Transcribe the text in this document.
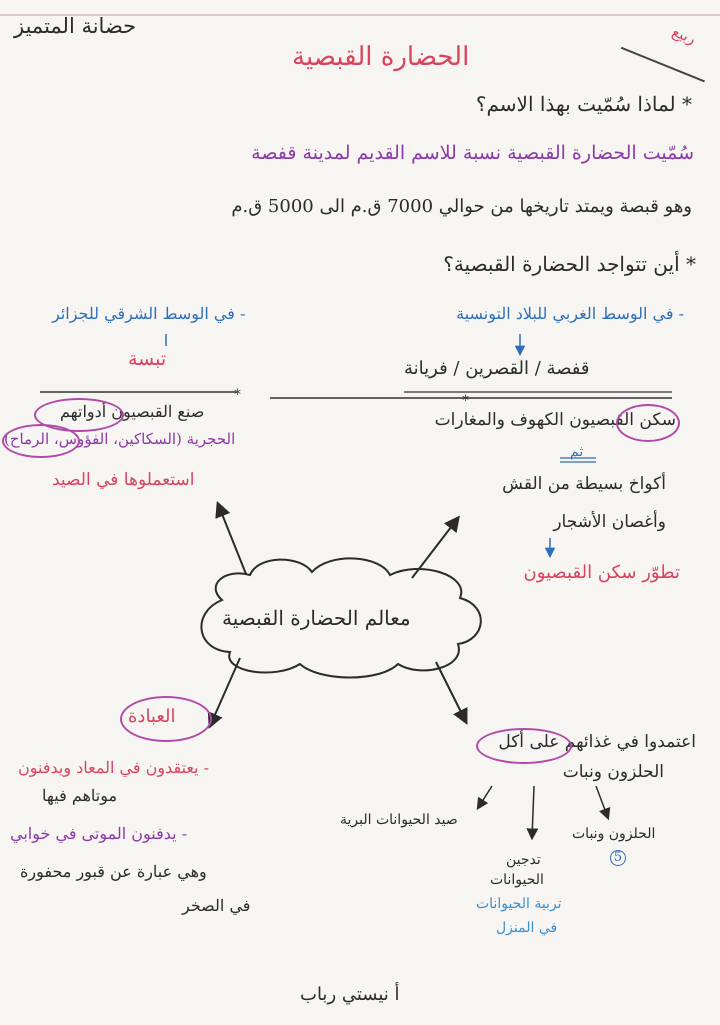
حضانة المتميز	ربيع
الحضارة القبصية
* لماذا سُمّيت بهذا الاسم؟
سُمّيت الحضارة القبصية نسبة للاسم القديم لمدينة قفصة
وهو قبصة ويمتد تاريخها من حوالي 7000 ق.م الى 5000 ق.م
* أين تتواجد الحضارة القبصية؟
- في الوسط الغربي للبلاد التونسية
- في الوسط الشرقي للجزائر
قفصة / القصرين / فريانة
تبسة
سكن القبصيون الكهوف والمغارات
ثم
أكواخ بسيطة من القش
وأغصان الأشجار
تطوّر سكن القبصيون
صنع القبصيون أدواتهم
الحجرية (السكاكين، الفؤوس، الرماح)
استعملوها في الصيد
*	*
معالم الحضارة القبصية
العبادة
- يعتقدون في المعاد ويدفنون
موتاهم فيها
- يدفنون الموتى في خوابي
وهي عبارة عن قبور محفورة
في الصخر
اعتمدوا في غذائهم على أكل
الحلزون ونبات
صيد الحيوانات البرية
تدجين
الحيوانات
تربية الحيوانات
في المنزل
الحلزون ونبات
5
أ نيستي رباب
